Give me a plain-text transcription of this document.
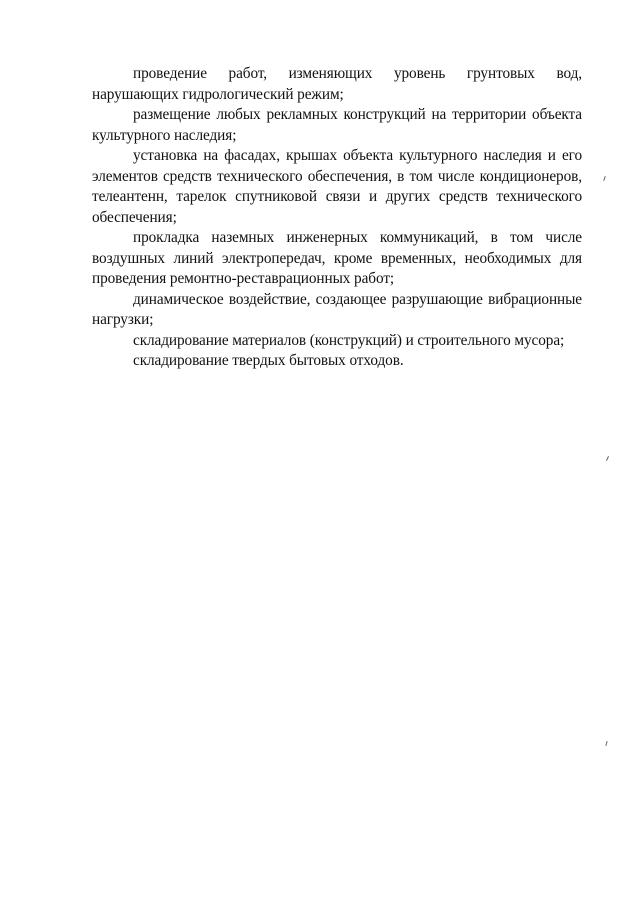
проведение работ, изменяющих уровень грунтовых вод, нарушающих гидрологический режим;

размещение любых рекламных конструкций на территории объекта культурного наследия;

установка на фасадах, крышах объекта культурного наследия и его элементов средств технического обеспечения, в том числе кондиционеров, телеантенн, тарелок спутниковой связи и других средств технического обеспечения;

прокладка наземных инженерных коммуникаций, в том числе воздушных линий электропередач, кроме временных, необходимых для проведения ремонтно-реставрационных работ;

динамическое воздействие, создающее разрушающие вибрационные нагрузки;

складирование материалов (конструкций) и строительного мусора;

складирование твердых бытовых отходов.
